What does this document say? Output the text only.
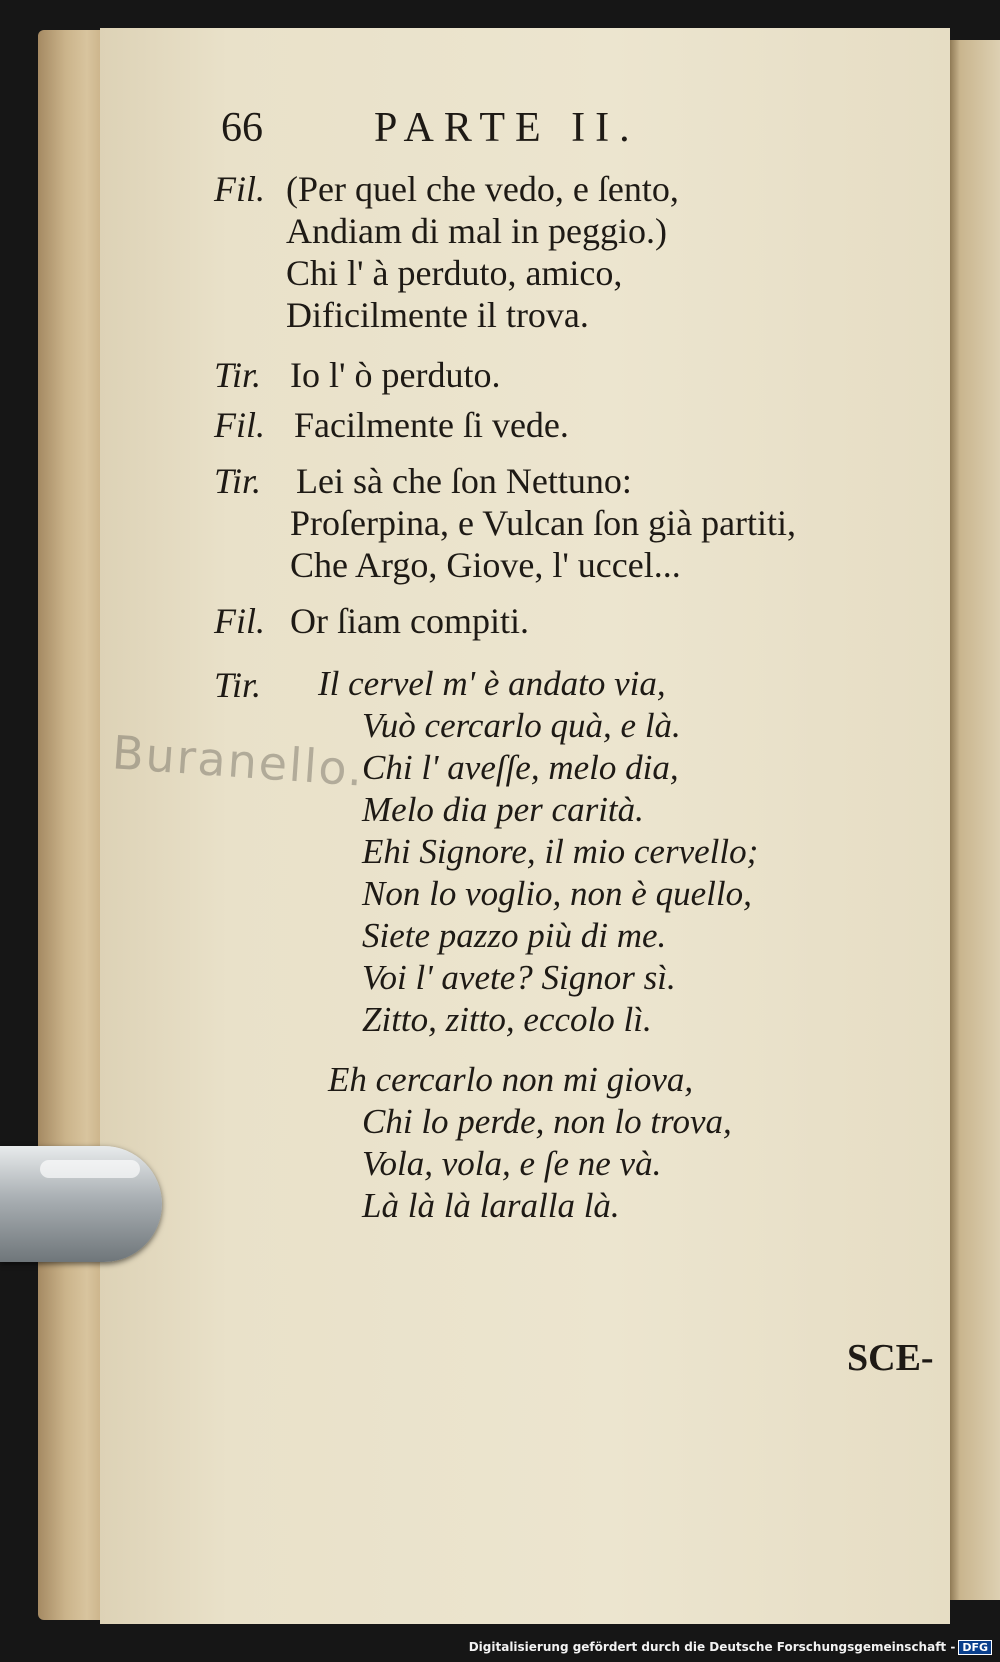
66	PARTE II.
Fil. (Per quel che vedo, e ſento,
Andiam di mal in peggio.)
Chi l' à perduto, amico,
Dificilmente il trova.
Tir. Io l' ò perduto.
Fil. Facilmente ſi vede.
Tir. Lei sà che ſon Nettuno:
Proſerpina, e Vulcan ſon già partiti,
Che Argo, Giove, l' uccel...
Fil. Or ſiam compiti.
Buranello.
Tir. Il cervel m' è andato via,
Vuò cercarlo quà, e là.
Chi l' aveſſe, melo dia,
Melo dia per carità.
Ehi Signore, il mio cervello;
Non lo voglio, non è quello,
Siete pazzo più di me.
Voi l' avete? Signor sì.
Zitto, zitto, eccolo lì.
Eh cercarlo non mi giova,
Chi lo perde, non lo trova,
Vola, vola, e ſe ne và.
Là là là laralla là.
SCE-
Digitalisierung gefördert durch die Deutsche Forschungsgemeinschaft - DFG
